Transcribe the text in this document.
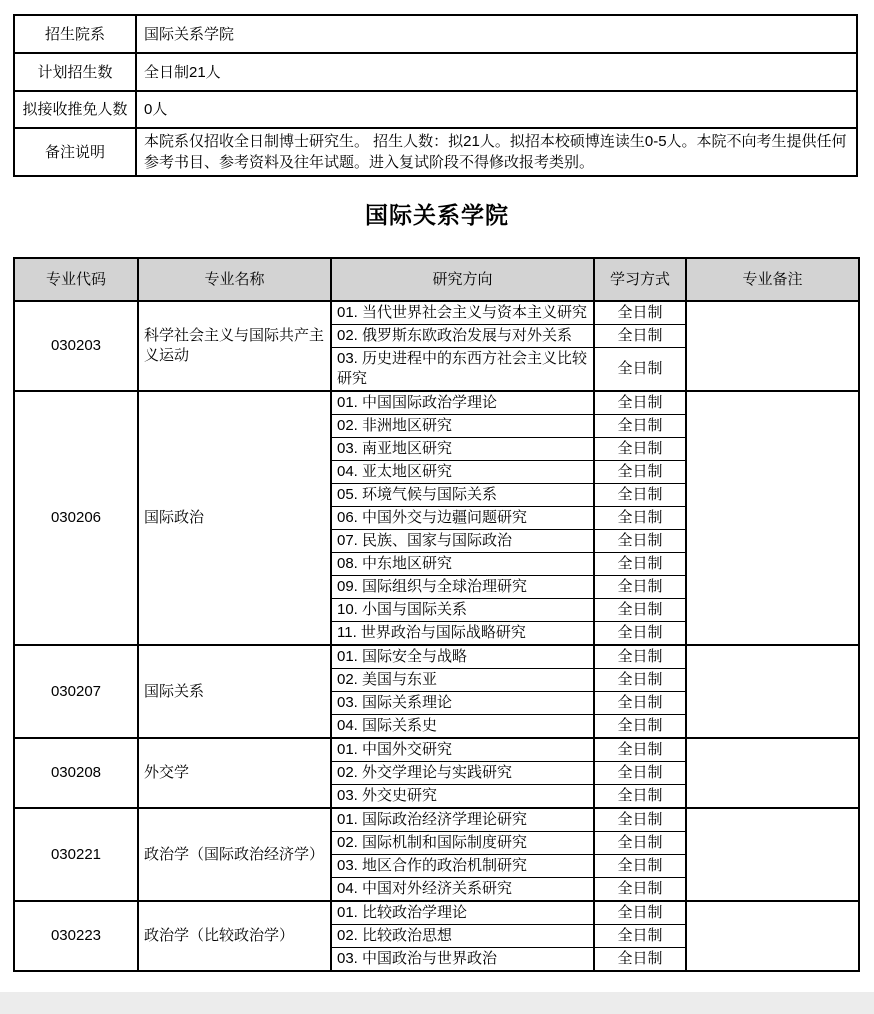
招生院系	国际关系学院
计划招生数	全日制21人
拟接收推免人数	0人
备注说明	本院系仅招收全日制博士研究生。 招生人数：拟21人。拟招本校硕博连读生0-5人。本院不向考生提供任何参考书目、参考资料及往年试题。进入复试阶段不得修改报考类别。
国际关系学院
专业代码	专业名称	研究方向	学习方式	专业备注
030203	科学社会主义与国际共产主义运动	01. 当代世界社会主义与资本主义研究	全日制	
		02. 俄罗斯东欧政治发展与对外关系	全日制	
		03. 历史进程中的东西方社会主义比较研究	全日制	
030206	国际政治	01. 中国国际政治学理论	全日制	
		02. 非洲地区研究	全日制	
		03. 南亚地区研究	全日制	
		04. 亚太地区研究	全日制	
		05. 环境气候与国际关系	全日制	
		06. 中国外交与边疆问题研究	全日制	
		07. 民族、国家与国际政治	全日制	
		08. 中东地区研究	全日制	
		09. 国际组织与全球治理研究	全日制	
		10. 小国与国际关系	全日制	
		11. 世界政治与国际战略研究	全日制	
030207	国际关系	01. 国际安全与战略	全日制	
		02. 美国与东亚	全日制	
		03. 国际关系理论	全日制	
		04. 国际关系史	全日制	
030208	外交学	01. 中国外交研究	全日制	
		02. 外交学理论与实践研究	全日制	
		03. 外交史研究	全日制	
030221	政治学（国际政治经济学）	01. 国际政治经济学理论研究	全日制	
		02. 国际机制和国际制度研究	全日制	
		03. 地区合作的政治机制研究	全日制	
		04. 中国对外经济关系研究	全日制	
030223	政治学（比较政治学）	01. 比较政治学理论	全日制	
		02. 比较政治思想	全日制	
		03. 中国政治与世界政治	全日制	
